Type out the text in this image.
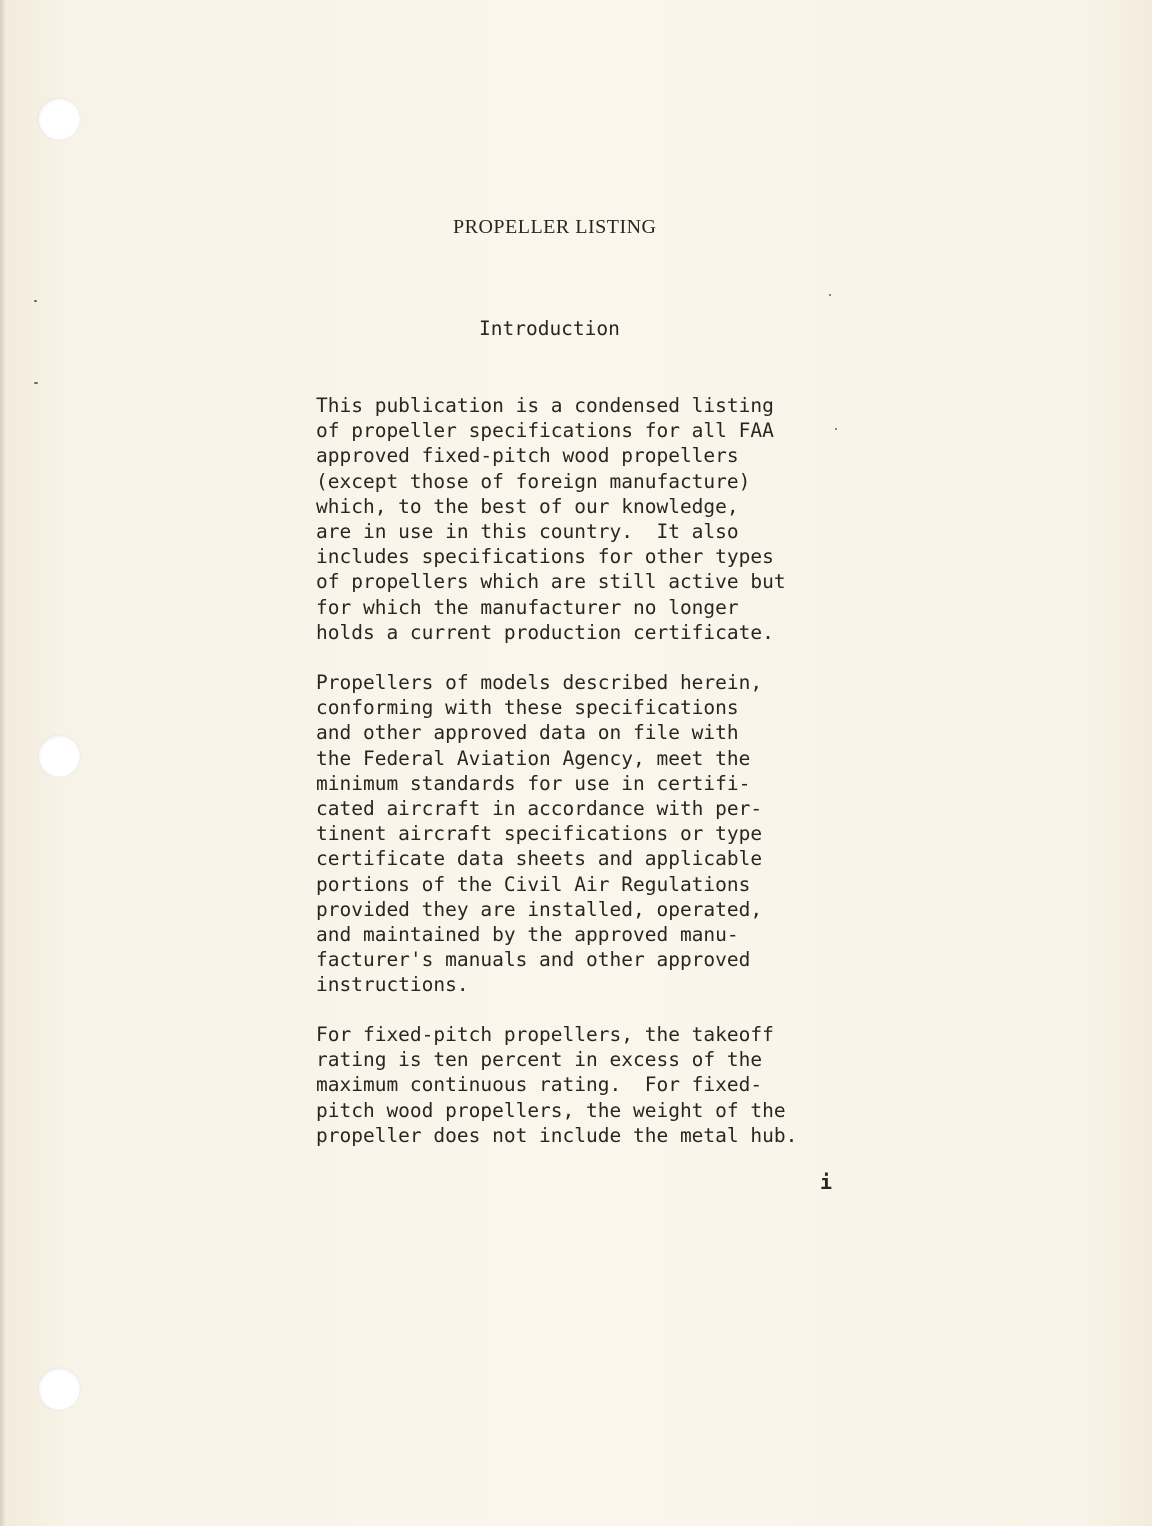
PROPELLER LISTING
Introduction
This publication is a condensed listing
of propeller specifications for all FAA
approved fixed-pitch wood propellers
(except those of foreign manufacture)
which, to the best of our knowledge,
are in use in this country.  It also
includes specifications for other types
of propellers which are still active but
for which the manufacturer no longer
holds a current production certificate.
Propellers of models described herein,
conforming with these specifications
and other approved data on file with
the Federal Aviation Agency, meet the
minimum standards for use in certifi-
cated aircraft in accordance with per-
tinent aircraft specifications or type
certificate data sheets and applicable
portions of the Civil Air Regulations
provided they are installed, operated,
and maintained by the approved manu-
facturer's manuals and other approved
instructions.
For fixed-pitch propellers, the takeoff
rating is ten percent in excess of the
maximum continuous rating.  For fixed-
pitch wood propellers, the weight of the
propeller does not include the metal hub.
i
